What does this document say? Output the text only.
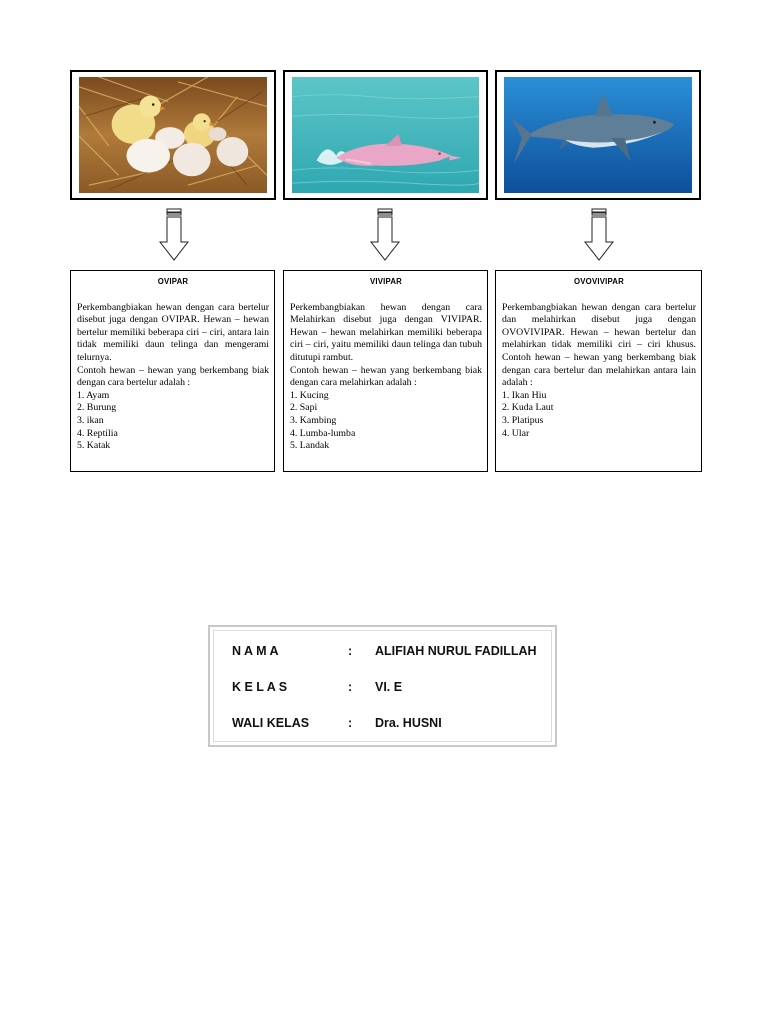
OVIPAR
Perkembangbiakan hewan dengan cara bertelur disebut juga dengan OVIPAR. Hewan – hewan bertelur memiliki beberapa ciri – ciri, antara lain tidak memiliki daun telinga dan mengerami telurnya.
Contoh hewan – hewan yang berkembang biak dengan cara bertelur adalah :
1. Ayam
2. Burung
3. ikan
4. Reptilia
5. Katak
VIVIPAR
Perkembangbiakan hewan dengan cara Melahirkan disebut juga dengan VIVIPAR. Hewan – hewan melahirkan memiliki beberapa ciri – ciri, yaitu memiliki daun telinga dan tubuh ditutupi rambut.
Contoh hewan – hewan yang berkembang biak dengan cara melahirkan adalah :
1. Kucing
2. Sapi
3. Kambing
4. Lumba-lumba
5. Landak
OVOVIVIPAR
Perkembangbiakan hewan dengan cara bertelur dan melahirkan disebut juga dengan OVOVIVIPAR. Hewan – hewan bertelur dan melahirkan tidak memiliki ciri – ciri khusus. Contoh hewan – hewan yang berkembang biak dengan cara bertelur dan melahirkan antara lain adalah :
1. Ikan Hiu
2. Kuda Laut
3. Platipus
4. Ular
N A M A	: ALIFIAH NURUL FADILLAH
K E L A S	: VI. E
WALI KELAS	: Dra. HUSNI
